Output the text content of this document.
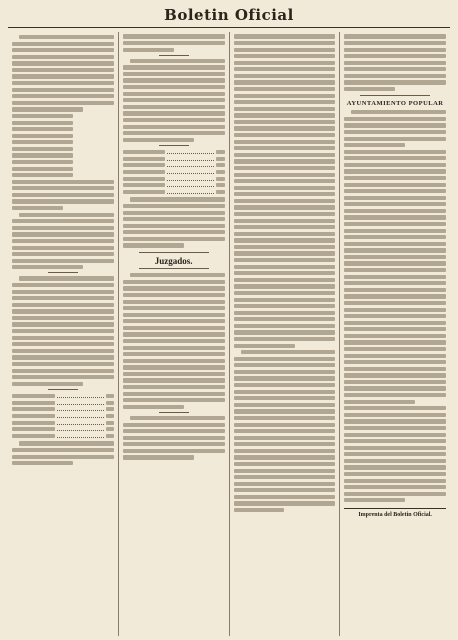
Boletin Oficial
Juzgados.
AYUNTAMIENTO POPULAR
Imprenta del Boletin Oficial.
